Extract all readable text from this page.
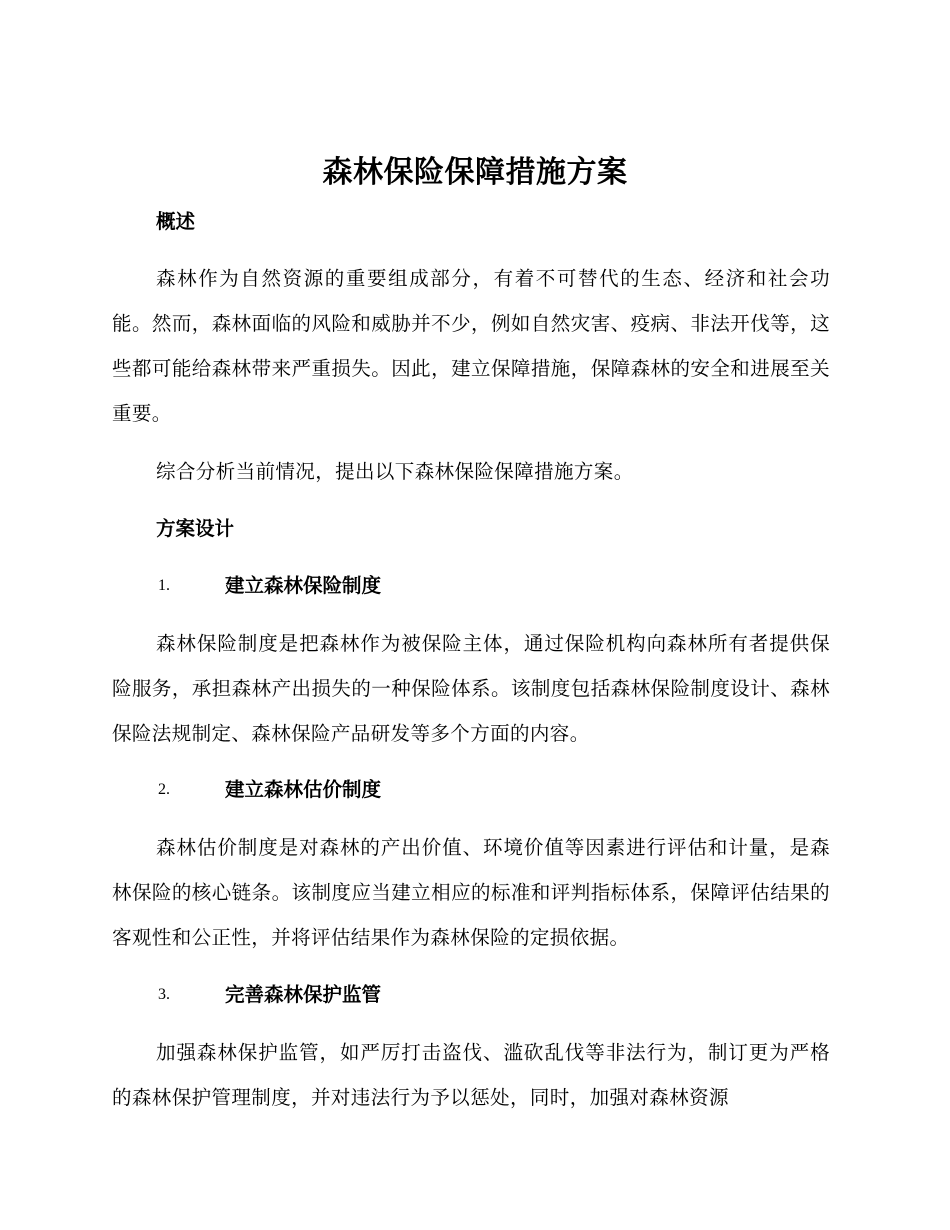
森林保险保障措施方案
概述

森林作为自然资源的重要组成部分，有着不可替代的生态、经济和社会功能。然而，森林面临的风险和威胁并不少，例如自然灾害、疫病、非法开伐等，这些都可能给森林带来严重损失。因此，建立保障措施，保障森林的安全和进展至关重要。

综合分析当前情况，提出以下森林保险保障措施方案。

方案设计
1.	建立森林保险制度

森林保险制度是把森林作为被保险主体，通过保险机构向森林所有者提供保险服务，承担森林产出损失的一种保险体系。该制度包括森林保险制度设计、森林保险法规制定、森林保险产品研发等多个方面的内容。

2.	建立森林估价制度

森林估价制度是对森林的产出价值、环境价值等因素进行评估和计量，是森林保险的核心链条。该制度应当建立相应的标准和评判指标体系，保障评估结果的客观性和公正性，并将评估结果作为森林保险的定损依据。

3.	完善森林保护监管

加强森林保护监管，如严厉打击盗伐、滥砍乱伐等非法行为，制订更为严格的森林保护管理制度，并对违法行为予以惩处，同时，加强对森林资源
